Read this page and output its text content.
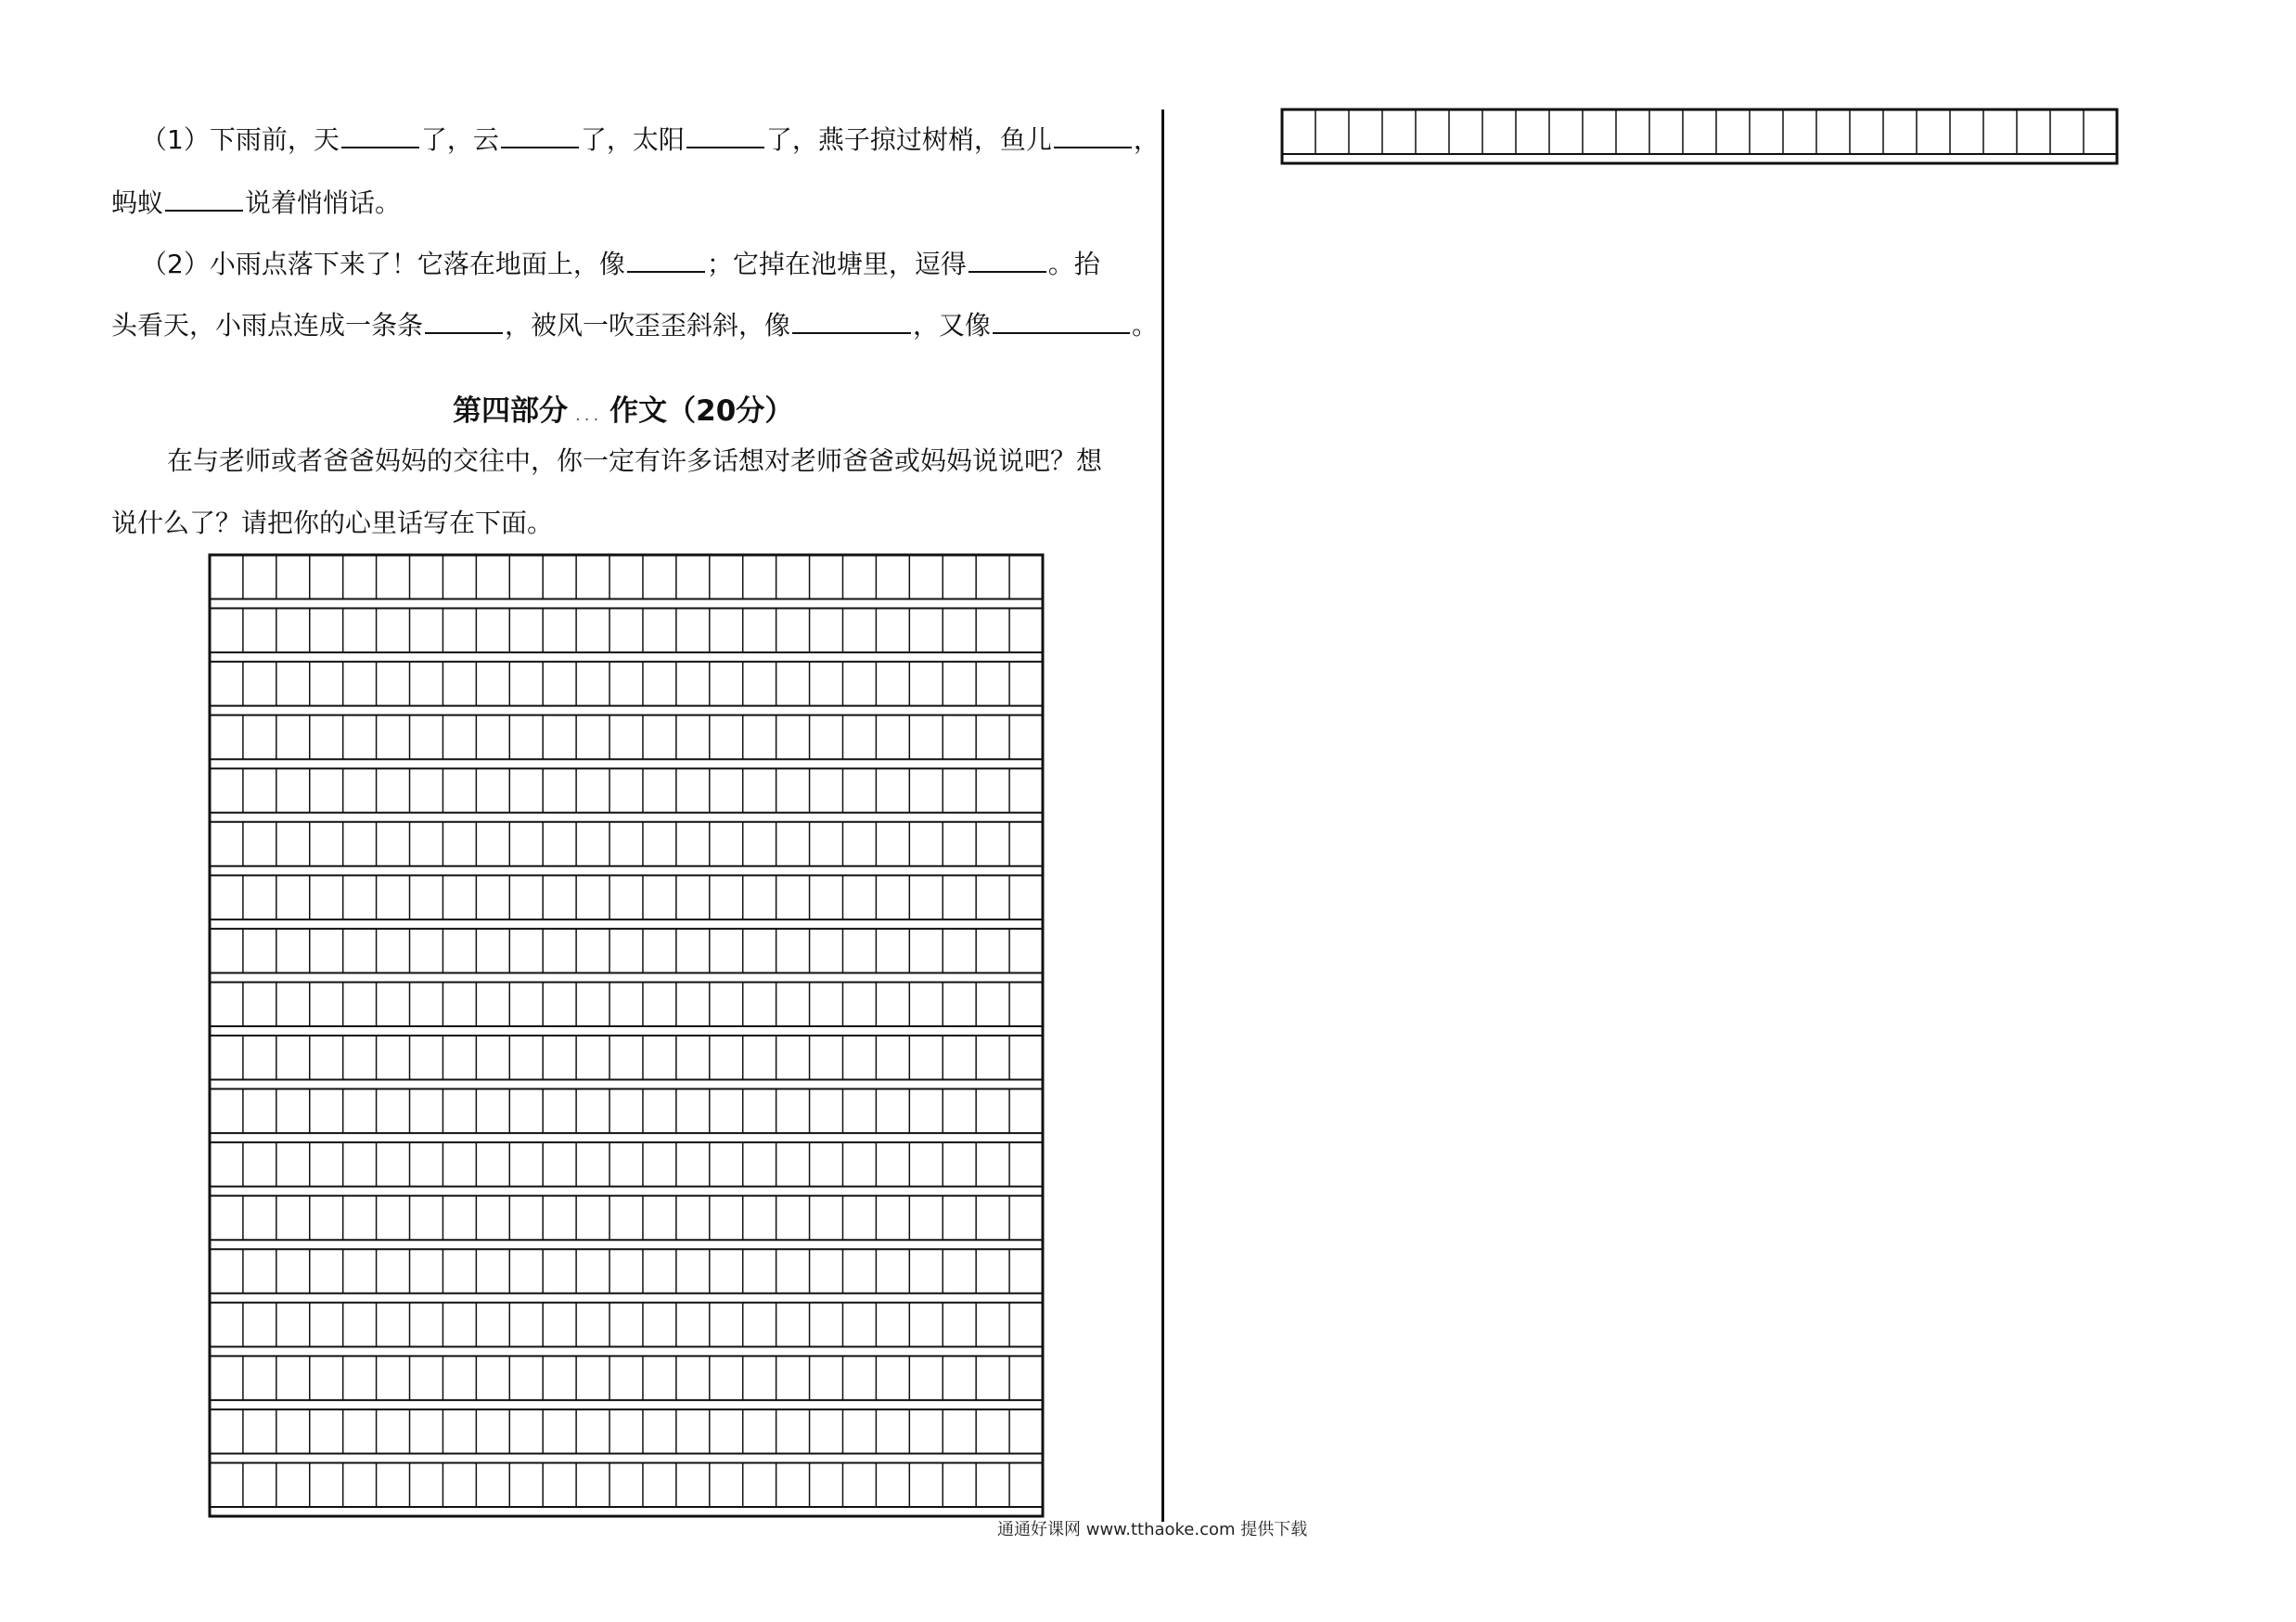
（1）下雨前，天	了，云	了，太阳	了，燕子掠过树梢，鱼儿	，
蚂蚁	说着悄悄话。
（2）小雨点落下来了！它落在地面上，像	；它掉在池塘里，逗得	。抬
头看天，小雨点连成一条条	，被风一吹歪歪斜斜，像	，又像	。
第四部分 ... 作文（20分）
在与老师或者爸爸妈妈的交往中，你一定有许多话想对老师爸爸或妈妈说说吧？想
说什么了？请把你的心里话写在下面。
通通好课网 www.tthaoke.com 提供下载
